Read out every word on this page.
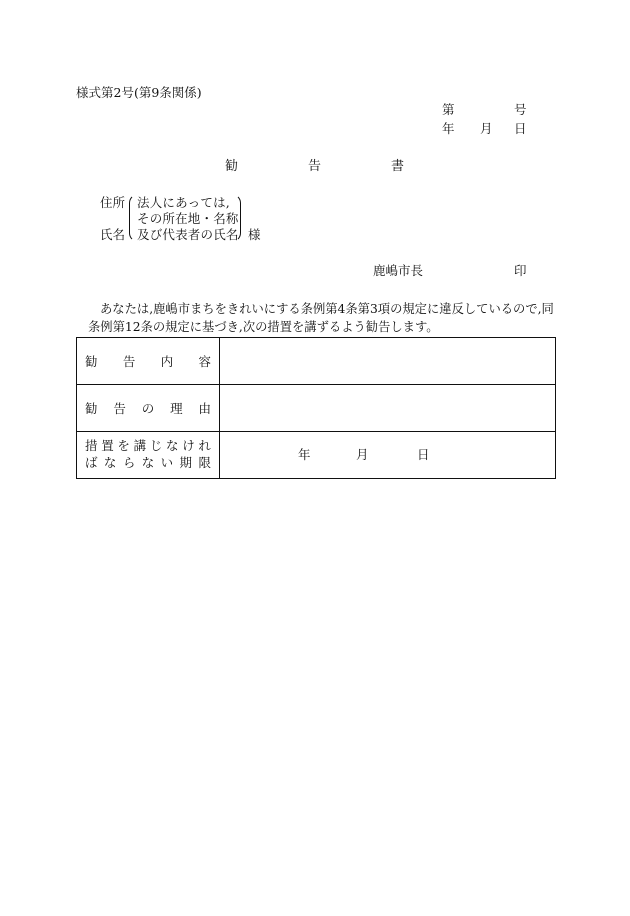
様式第2号(第9条関係)
第	号
年 月 日
勧	告	書
住所
氏名
法人にあっては,
その所在地・名称
及び代表者の氏名 様
鹿嶋市長	印
あなたは,鹿嶋市まちをきれいにする条例第4条第3項の規定に違反しているので,同
条例第12条の規定に基づき,次の措置を講ずるよう勧告します。
勧 告 内 容
勧 告 の 理 由
措 置 を 講 じ な け れ
ば な ら な い 期 限
年	月	日
